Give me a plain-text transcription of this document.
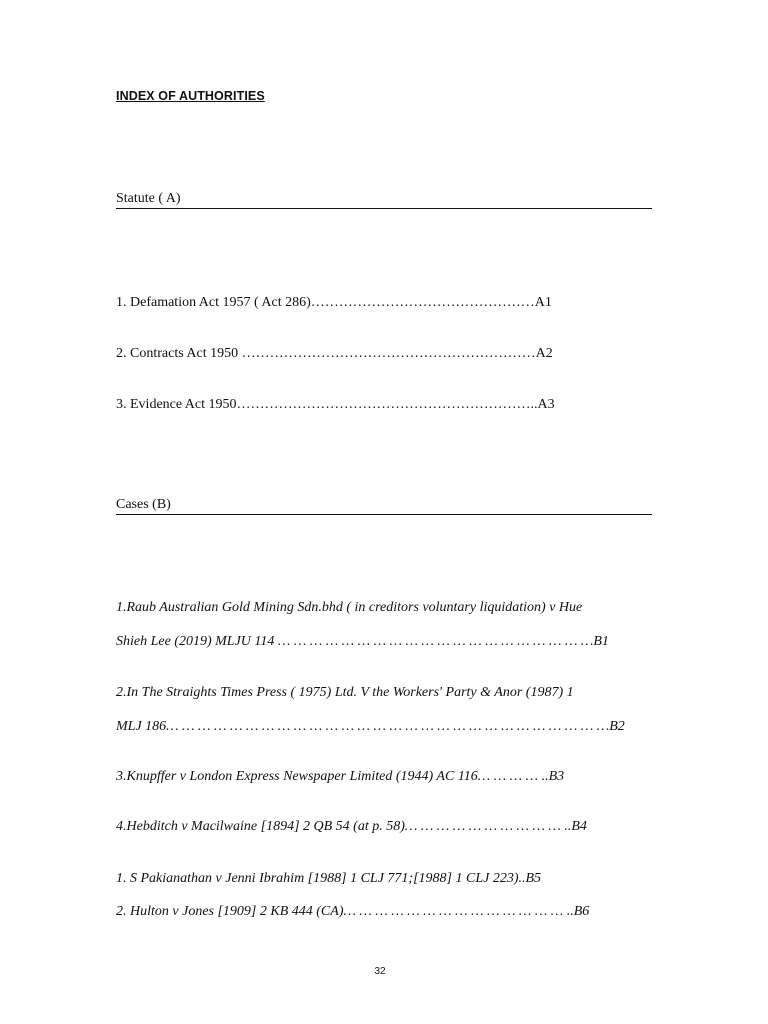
INDEX OF AUTHORITIES
Statute ( A)
1. Defamation Act 1957 ( Act 286)…………………………………………A1
2. Contracts Act 1950 ………………………………………………………A2
3. Evidence Act 1950………………………………………………………..A3
Cases (B)
1.Raub Australian Gold Mining Sdn.bhd ( in creditors voluntary liquidation) v Hue
Shieh Lee (2019) MLJU 114 … … … … … … … … … … … … … … … … … … … …B1
2.In The Straights Times Press ( 1975) Ltd. V the Workers' Party & Anor (1987) 1
MLJ 186… … … … … … … … … … … … … … … … … … … … … … … … … … … …B2
3.Knupffer v London Express Newspaper Limited (1944) AC 116… … … … ..B3
4.Hebditch v Macilwaine [1894] 2 QB 54 (at p. 58)… … … … … … … … … … ..B4
1. S Pakianathan v Jenni Ibrahim [1988] 1 CLJ 771;[1988] 1 CLJ 223)..B5
2. Hulton v Jones [1909] 2 KB 444 (CA)… … … … … … … … … … … … … … ..B6
32
